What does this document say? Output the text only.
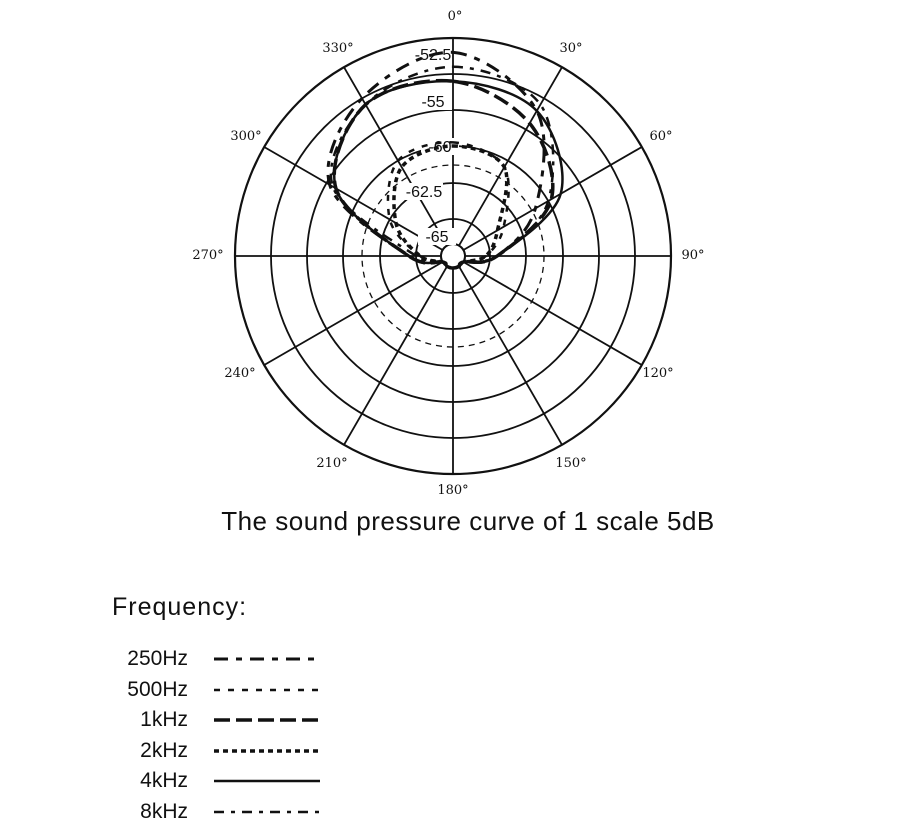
0°
30°
60°
90°
120°
150°
180°
210°
240°
270°
300°
330°	-52.5
-55
-60
-62.5
-65
The sound pressure curve of 1 scale 5dB
Frequency:
250Hz
500Hz
1kHz
2kHz
4kHz
8kHz
